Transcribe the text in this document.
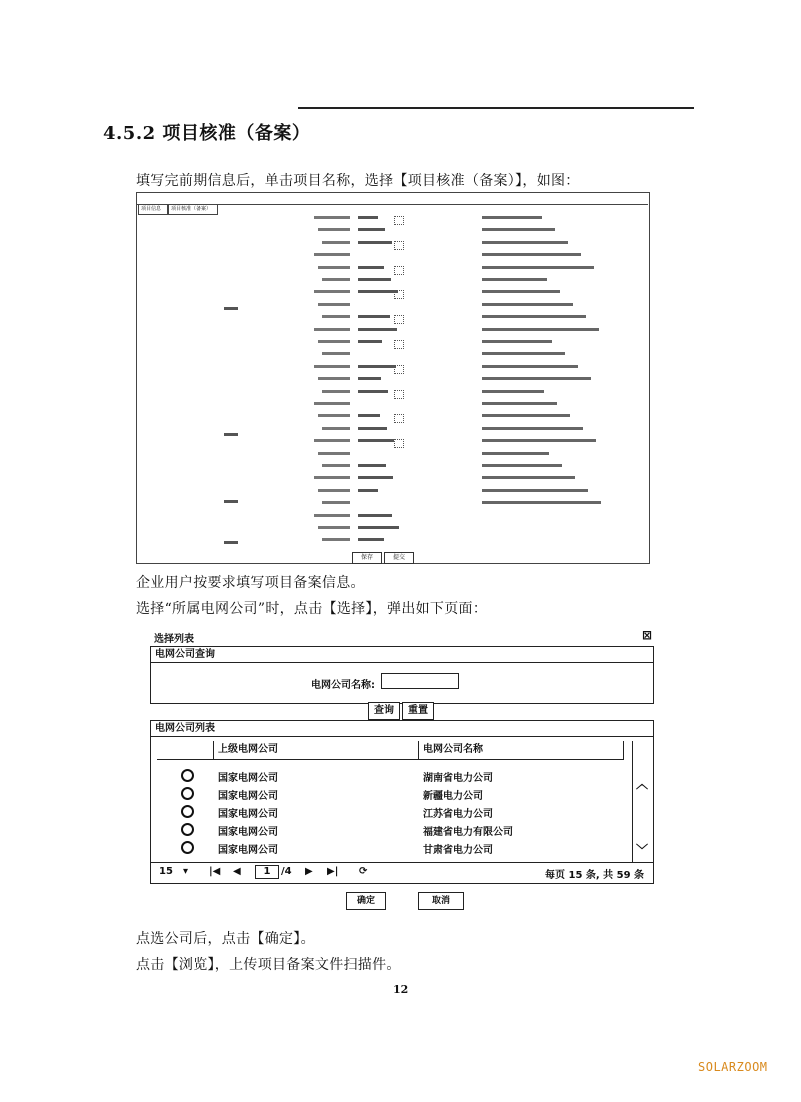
4.5.2 项目核准（备案）
填写完前期信息后，单击项目名称，选择【项目核准（备案）】，如图：
项目信息	项目核准（备案）
保存	提交
企业用户按要求填写项目备案信息。
选择“所属电网公司”时，点击【选择】，弹出如下页面：
选择列表	⊠
电网公司查询
电网公司名称:
查询	重置
电网公司列表
上级电网公司	电网公司名称
国家电网公司	湖南省电力公司
国家电网公司	新疆电力公司
国家电网公司	江苏省电力公司
国家电网公司	福建省电力有限公司
国家电网公司	甘肃省电力公司
︿
﹀
15 ▾ |◀ ◀	1	/4 ▶ ▶| ⟳	每页 15 条, 共 59 条
确定	取消
点选公司后，点击【确定】。
点击【浏览】，上传项目备案文件扫描件。
12
SOLARZOOM
